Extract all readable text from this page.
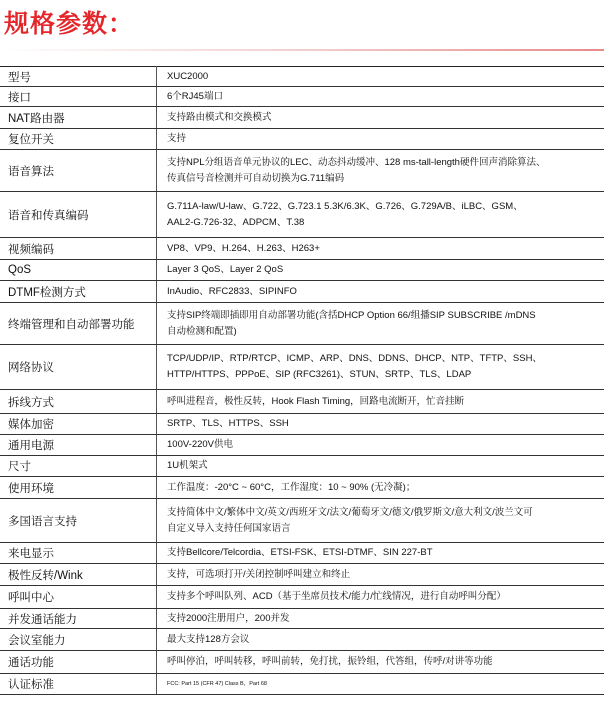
规格参数：
型号	XUC2000

接口	6个RJ45端口

NAT路由器	支持路由模式和交换模式

复位开关	支持

语音算法	支持NPL分组语音单元协议的LEC、动态抖动缓冲、128 ms-tall-length硬件回声消除算法、
传真信号音检测并可自动切换为G.711编码

语音和传真编码	G.711A-law/U-law、G.722、G.723.1 5.3K/6.3K、G.726、G.729A/B、iLBC、GSM、
AAL2-G.726-32、ADPCM、T.38

视频编码	VP8、VP9、H.264、H.263、H263+

QoS	Layer 3 QoS、Layer 2 QoS

DTMF检测方式	InAudio、RFC2833、SIPINFO

终端管理和自动部署功能	支持SIP终端即插即用自动部署功能(含括DHCP Option 66/组播SIP SUBSCRIBE /mDNS
自动检测和配置)

网络协议	TCP/UDP/IP、RTP/RTCP、ICMP、ARP、DNS、DDNS、DHCP、NTP、TFTP、SSH、
HTTP/HTTPS、PPPoE、SIP (RFC3261)、STUN、SRTP、TLS、LDAP

拆线方式	呼叫进程音，极性反转，Hook Flash Timing，回路电流断开，忙音挂断

媒体加密	SRTP、TLS、HTTPS、SSH

通用电源	100V-220V供电

尺寸	1U机架式

使用环境	工作温度：-20°C ~ 60°C，工作湿度：10 ~ 90% (无冷凝)；

多国语言支持	支持简体中文/繁体中文/英文/西班牙文/法文/葡萄牙文/德文/俄罗斯文/意大利文/波兰文可
自定义导入支持任何国家语言

来电显示	支持Bellcore/Telcordia、ETSI-FSK、ETSI-DTMF、SIN 227-BT

极性反转/Wink	支持，可选项打开/关闭控制呼叫建立和终止

呼叫中心	支持多个呼叫队列、ACD（基于坐席员技术/能力/忙线情况，进行自动呼叫分配）

并发通话能力	支持2000注册用户，200并发

会议室能力	最大支持128方会议

通话功能	呼叫停泊，呼叫转移，呼叫前转，免打扰，振铃组，代答组，传呼/对讲等功能

认证标准	FCC: Part 15 (CFR 47) Class B，Part 68
